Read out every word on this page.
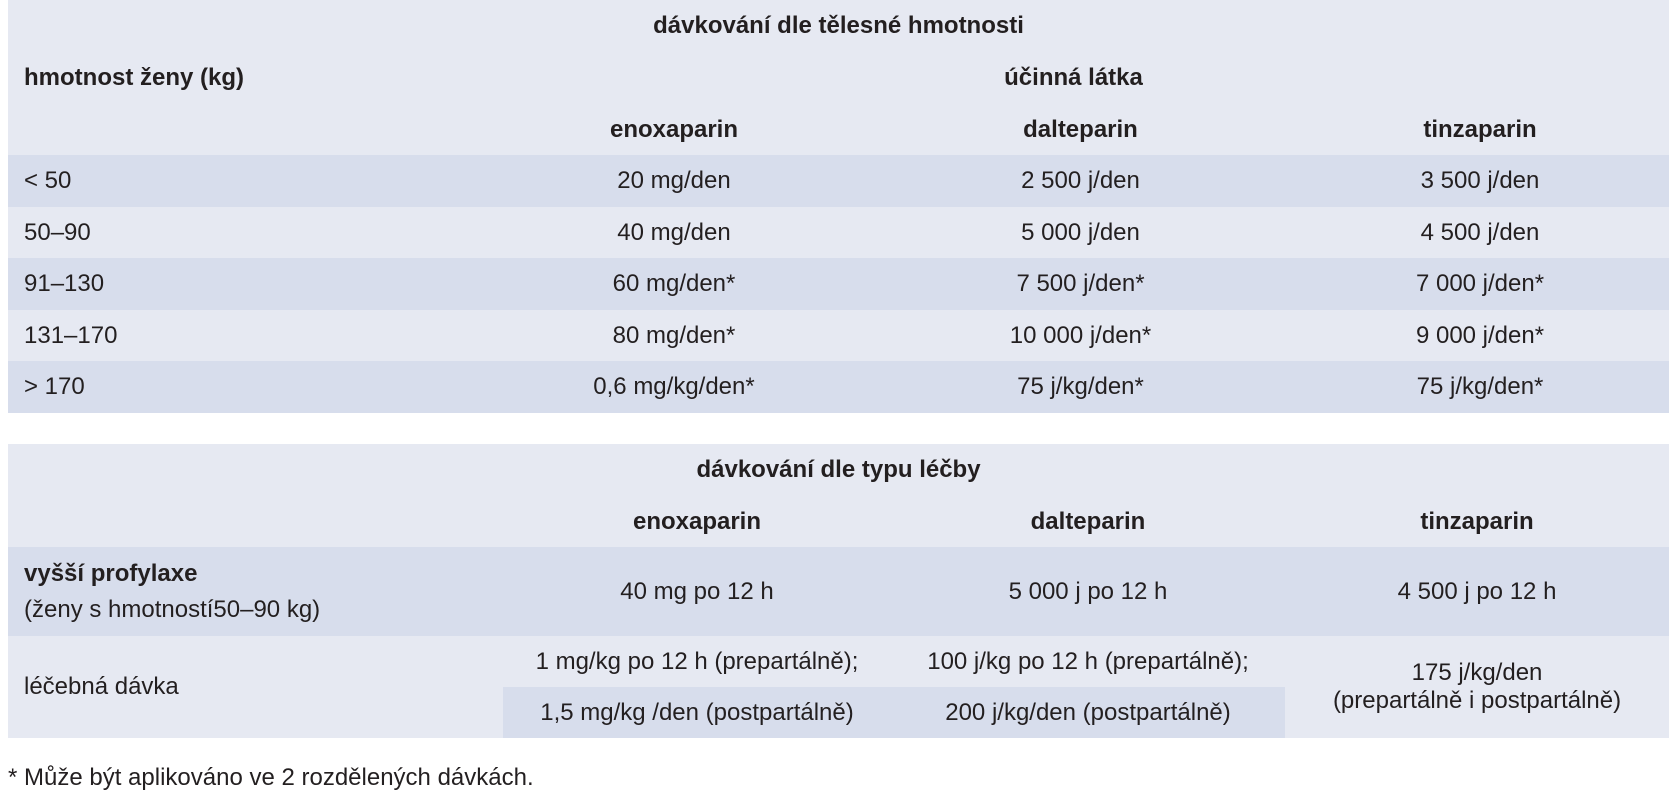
dávkování dle tělesné hmotnosti			
hmotnost ženy (kg)	účinná látka		
	enoxaparin	dalteparin	tinzaparin
< 50	20 mg/den	2 500 j/den	3 500 j/den
50–90	40 mg/den	5 000 j/den	4 500 j/den
91–130	60 mg/den*	7 500 j/den*	7 000 j/den*
131–170	80 mg/den*	10 000 j/den*	9 000 j/den*
> 170	0,6 mg/kg/den*	75 j/kg/den*	75 j/kg/den*
dávkování dle typu léčby			
	enoxaparin	dalteparin	tinzaparin
vyšší profylaxe
(ženy s hmotností50–90 kg)	40 mg po 12 h	5 000 j po 12 h	4 500 j po 12 h
léčebná dávka	1 mg/kg po 12 h (prepartálně);	100 j/kg po 12 h (prepartálně);	175 j/kg/den
(prepartálně i postpartálně)

	1,5 mg/kg /den (postpartálně)	200 j/kg/den (postpartálně)	
* Může být aplikováno ve 2 rozdělených dávkách.
